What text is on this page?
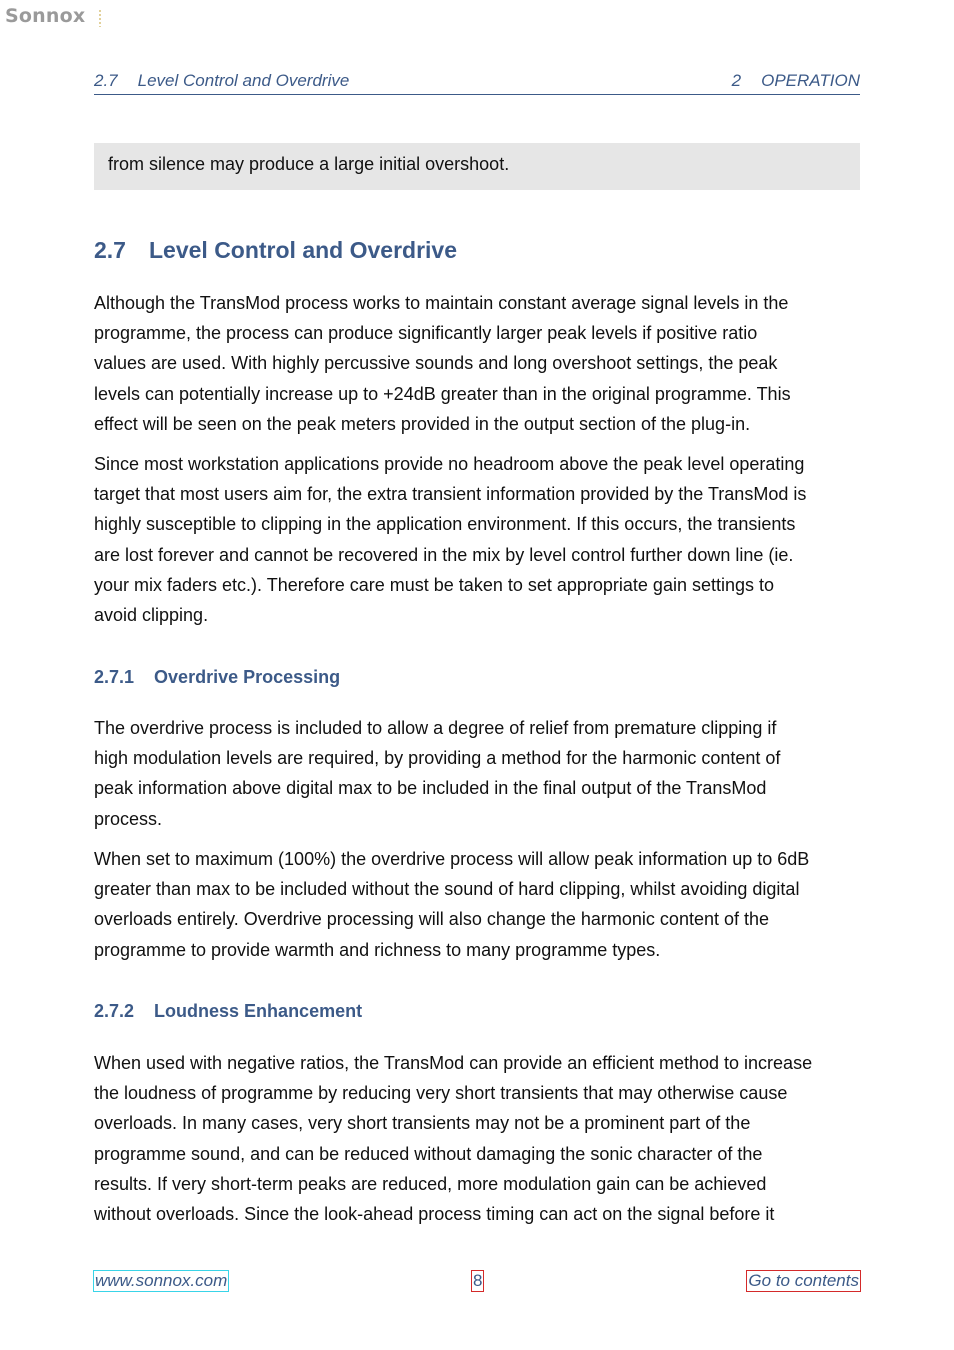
Sonnox
2.7 Level Control and Overdrive	2 OPERATION

from silence may produce a large initial overshoot.

2.7 Level Control and Overdrive
Although the TransMod process works to maintain constant average signal levels in the
programme, the process can produce significantly larger peak levels if positive ratio
values are used. With highly percussive sounds and long overshoot settings, the peak
levels can potentially increase up to +24dB greater than in the original programme. This
effect will be seen on the peak meters provided in the output section of the plug-in.
Since most workstation applications provide no headroom above the peak level operating
target that most users aim for, the extra transient information provided by the TransMod is
highly susceptible to clipping in the application environment. If this occurs, the transients
are lost forever and cannot be recovered in the mix by level control further down line (ie.
your mix faders etc.). Therefore care must be taken to set appropriate gain settings to
avoid clipping.
2.7.1 Overdrive Processing
The overdrive process is included to allow a degree of relief from premature clipping if
high modulation levels are required, by providing a method for the harmonic content of
peak information above digital max to be included in the final output of the TransMod
process.
When set to maximum (100%) the overdrive process will allow peak information up to 6dB
greater than max to be included without the sound of hard clipping, whilst avoiding digital
overloads entirely. Overdrive processing will also change the harmonic content of the
programme to provide warmth and richness to many programme types.
2.7.2 Loudness Enhancement
When used with negative ratios, the TransMod can provide an efficient method to increase
the loudness of programme by reducing very short transients that may otherwise cause
overloads. In many cases, very short transients may not be a prominent part of the
programme sound, and can be reduced without damaging the sonic character of the
results. If very short-term peaks are reduced, more modulation gain can be achieved
without overloads. Since the look-ahead process timing can act on the signal before it
www.sonnox.com	8	Go to contents
